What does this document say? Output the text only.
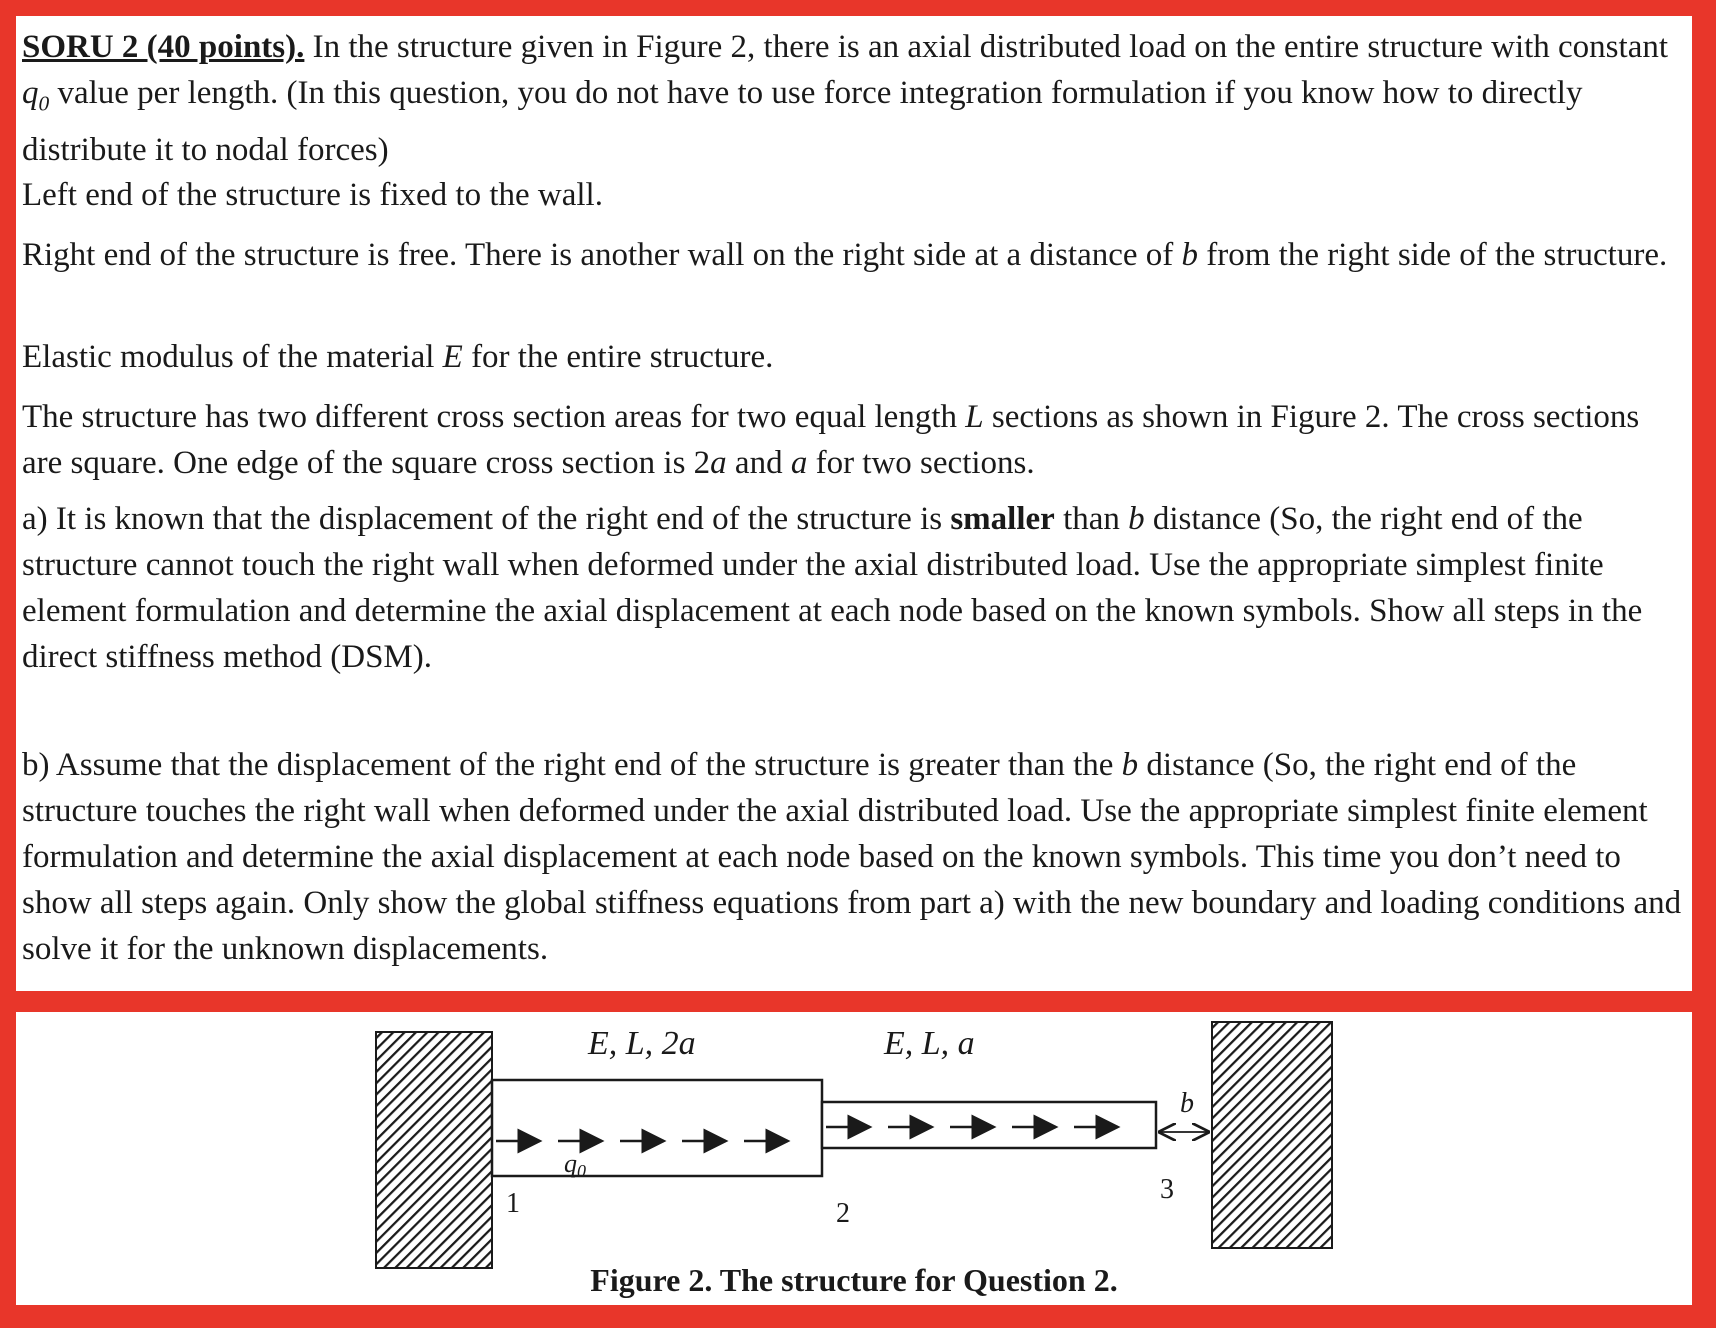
SORU 2 (40 points). In the structure given in Figure 2, there is an axial distributed load on the entire structure with constant $q_0$ value per length. (In this question, you do not have to use force integration formulation if you know how to directly distribute it to nodal forces)

Left end of the structure is fixed to the wall.

Right end of the structure is free. There is another wall on the right side at a distance of b from the right side of the structure.

Elastic modulus of the material E for the entire structure.

The structure has two different cross section areas for two equal length L sections as shown in Figure 2. The cross sections are square. One edge of the square cross section is 2a and a for two sections.

a) It is known that the displacement of the right end of the structure is smaller than b distance (So, the right end of the structure cannot touch the right wall when deformed under the axial distributed load. Use the appropriate simplest finite element formulation and determine the axial displacement at each node based on the known symbols. Show all steps in the direct stiffness method (DSM).

b) Assume that the displacement of the right end of the structure is greater than the b distance (So, the right end of the structure touches the right wall when deformed under the axial distributed load. Use the appropriate simplest finite element formulation and determine the axial displacement at each node based on the known symbols. This time you don’t need to show all steps again. Only show the global stiffness equations from part a) with the new boundary and loading conditions and solve it for the unknown displacements.

E, L, 2a	E, L, a
q0
b
1	2
3
Figure 2. The structure for Question 2.
